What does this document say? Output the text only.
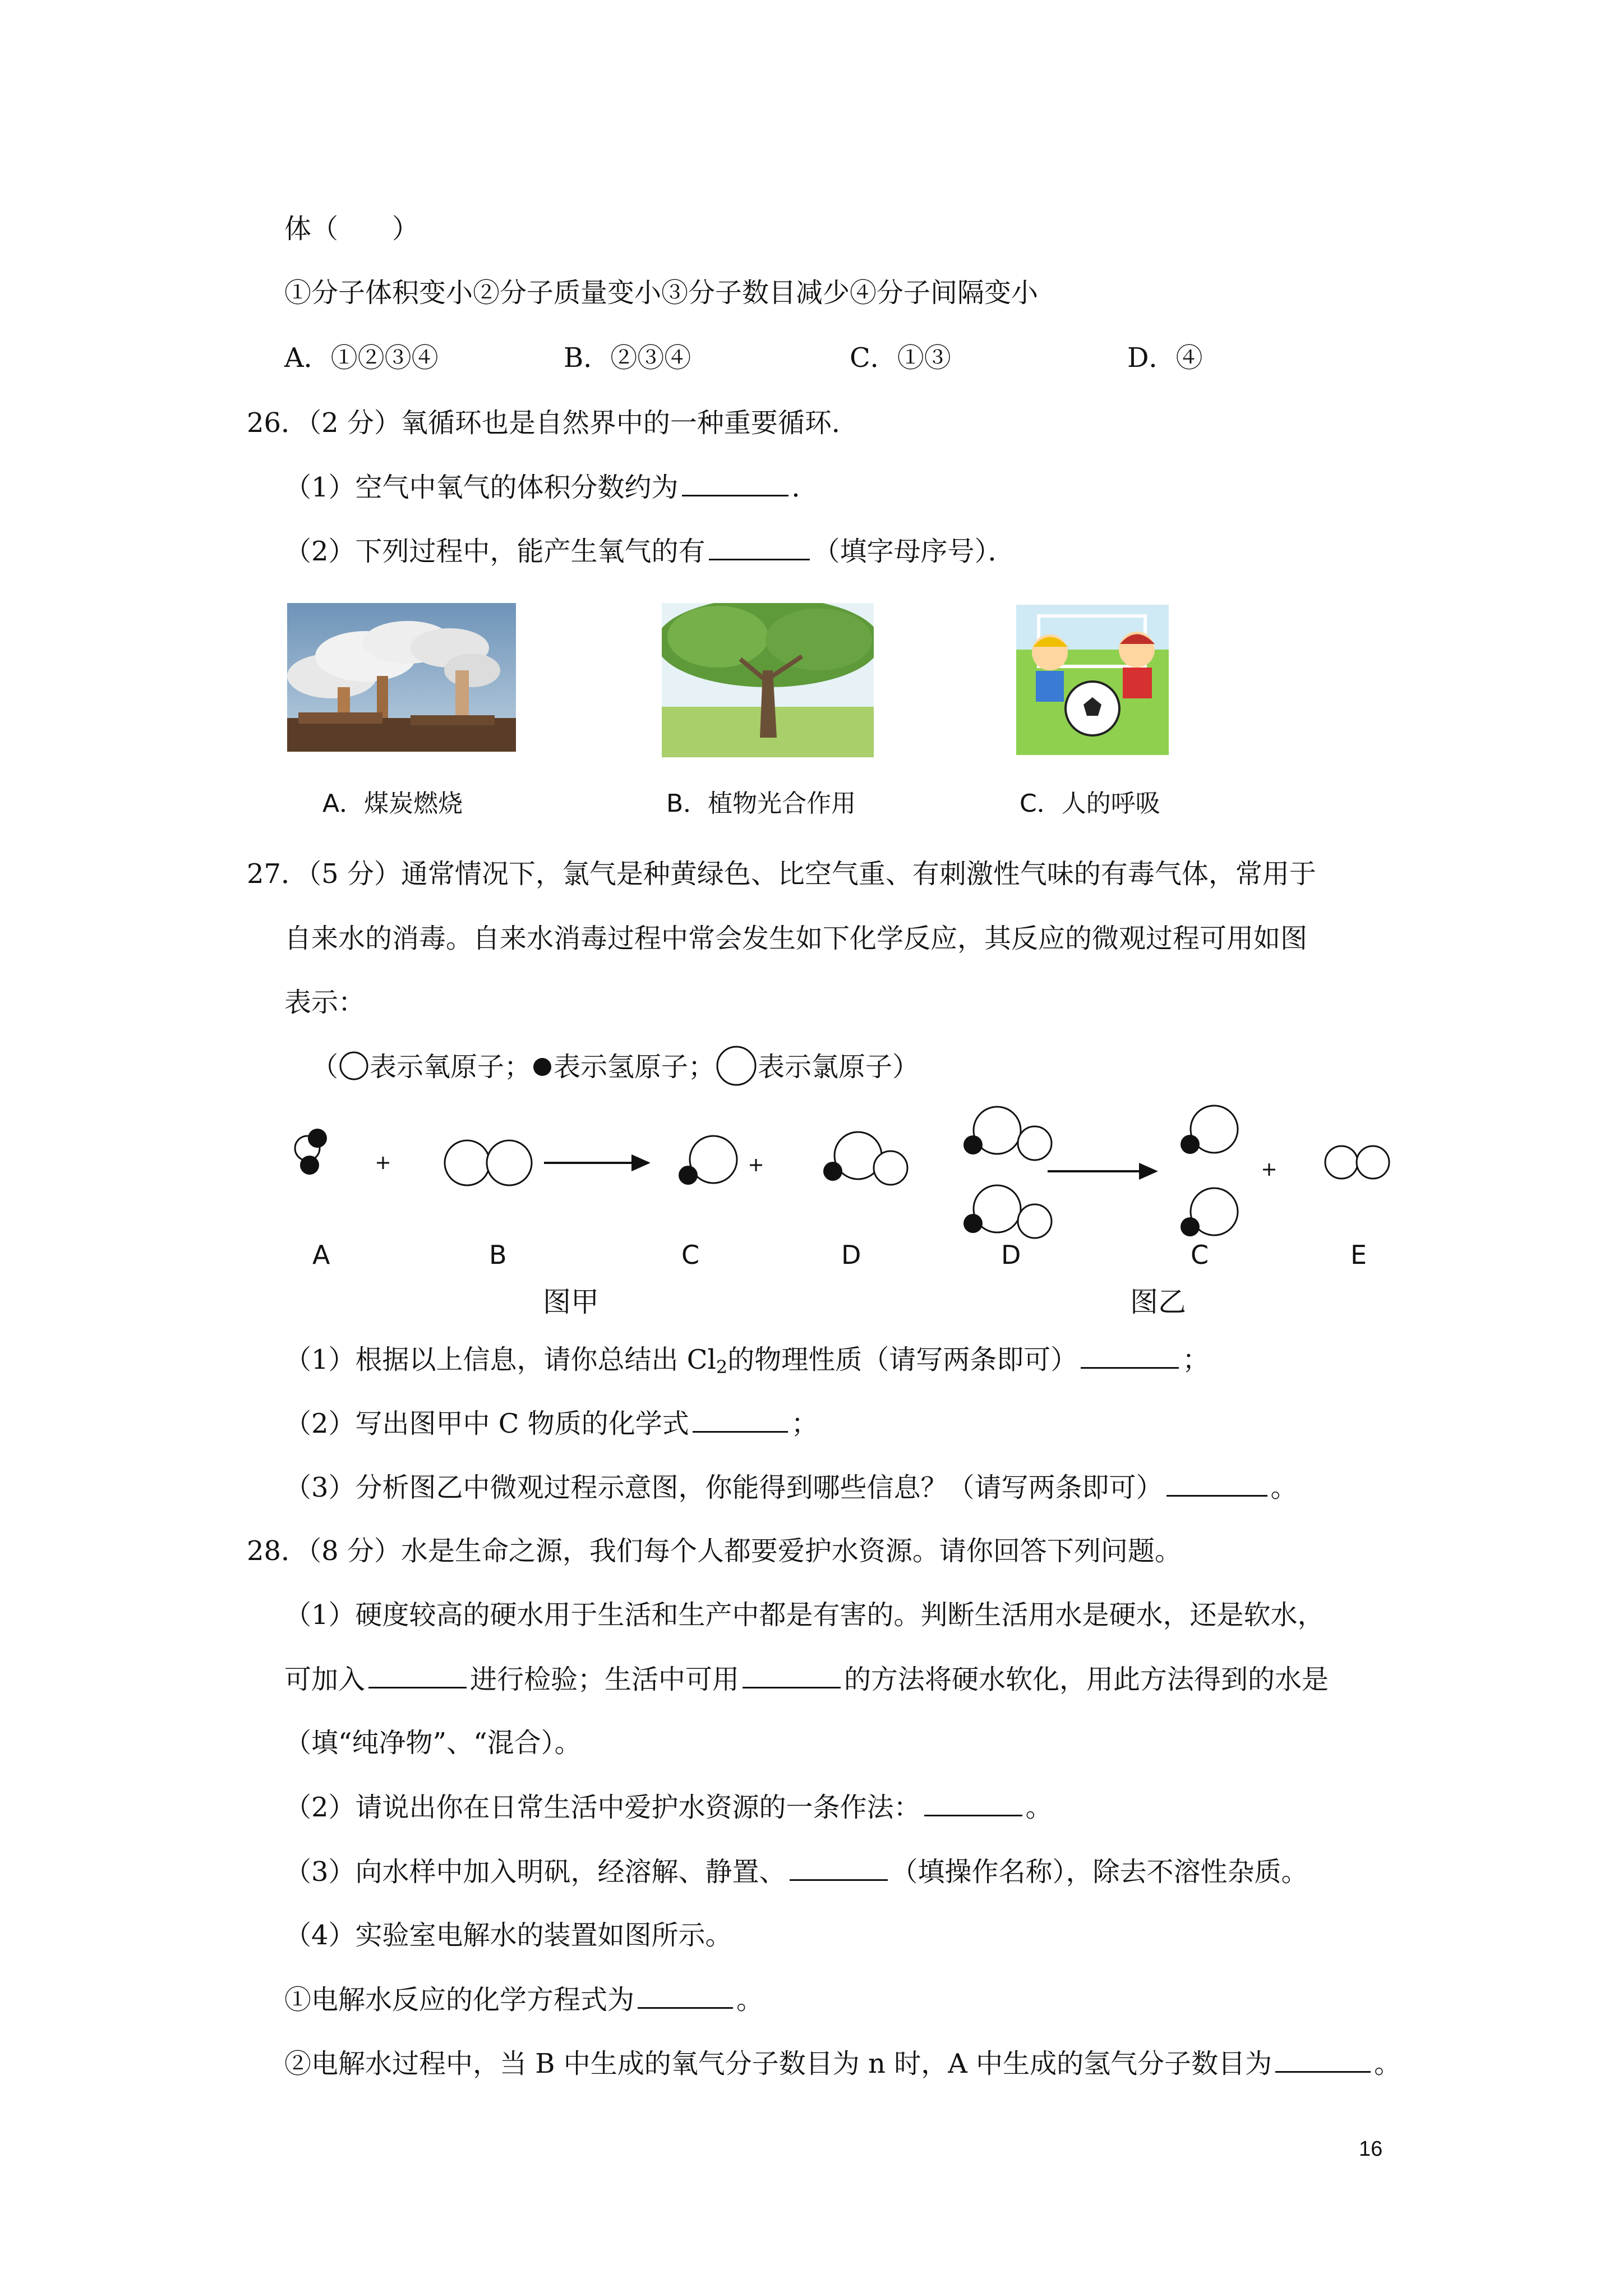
体（　　）
①分子体积变小②分子质量变小③分子数目减少④分子间隔变小
A．①②③④	B．②③④	C．①③	D．④
26．（2 分）氧循环也是自然界中的一种重要循环．
（1）空气中氧气的体积分数约为	．
（2）下列过程中，能产生氧气的有	（填字母序号）．
A．煤炭燃烧	B．植物光合作用	C．人的呼吸
27．（5 分）通常情况下，氯气是种黄绿色、比空气重、有刺激性气味的有毒气体，常用于
自来水的消毒。自来水消毒过程中常会发生如下化学反应，其反应的微观过程可用如图
表示：
（ 表示氧原子； 表示氢原子； 表示氯原子）
A	B	C	D	D	C	E
图甲	图乙
（1）根据以上信息，请你总结出 $Cl_2$的物理性质（请写两条即可）	；
（2）写出图甲中 C 物质的化学式	；
（3）分析图乙中微观过程示意图，你能得到哪些信息？（请写两条即可）	。
28．（8 分）水是生命之源，我们每个人都要爱护水资源。请你回答下列问题。
（1）硬度较高的硬水用于生活和生产中都是有害的。判断生活用水是硬水，还是软水，
可加入	进行检验；生活中可用	的方法将硬水软化，用此方法得到的水是
（填“纯净物”、“混合）。
（2）请说出你在日常生活中爱护水资源的一条作法：	。
（3）向水样中加入明矾，经溶解、静置、	（填操作名称），除去不溶性杂质。
（4）实验室电解水的装置如图所示。
①电解水反应的化学方程式为	。
②电解水过程中，当 B 中生成的氧气分子数目为 n 时，A 中生成的氢气分子数目为	。
16
